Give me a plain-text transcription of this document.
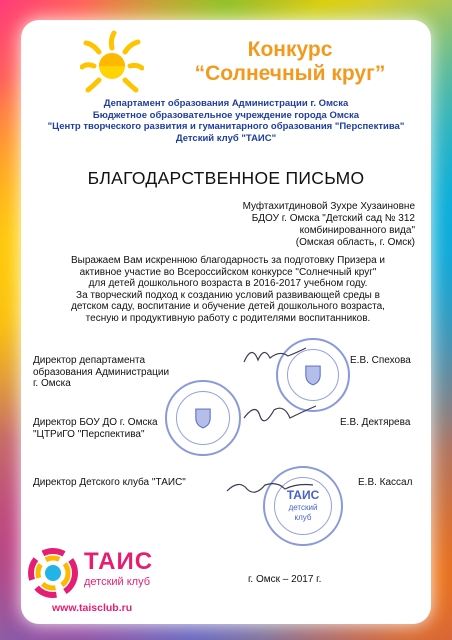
Конкурс
“Солнечный круг”
Департамент образования Администрации г. Омска
Бюджетное образовательное учреждение города Омска
"Центр творческого развития и гуманитарного образования "Перспектива"
Детский клуб "ТАИС"
БЛАГОДАРСТВЕННОЕ ПИСЬМО
Муфтахитдиновой Зухре Хузаиновне
БДОУ г. Омска "Детский сад № 312 комбинированного вида"
(Омская область, г. Омск)
Выражаем Вам искреннюю благодарность за подготовку Призера и
активное участие во Всероссийском конкурсе "Солнечный круг"
для детей дошкольного возраста в 2016-2017 учебном году.
За творческий подход к созданию условий развивающей среды в
детском саду, воспитание и обучение детей дошкольного возраста,
тесную и продуктивную работу с родителями воспитанников.
ТАИС
детский
клуб
Директор департамента
образования Администрации
г. Омска
Е.В. Спехова
Директор БОУ ДО г. Омска
"ЦТРиГО "Перспектива"
Е.В. Дектярева
Директор Детского клуба "ТАИС"	Е.В. Кассал
ТАИС
детский клуб
www.taisclub.ru
г. Омск – 2017 г.
